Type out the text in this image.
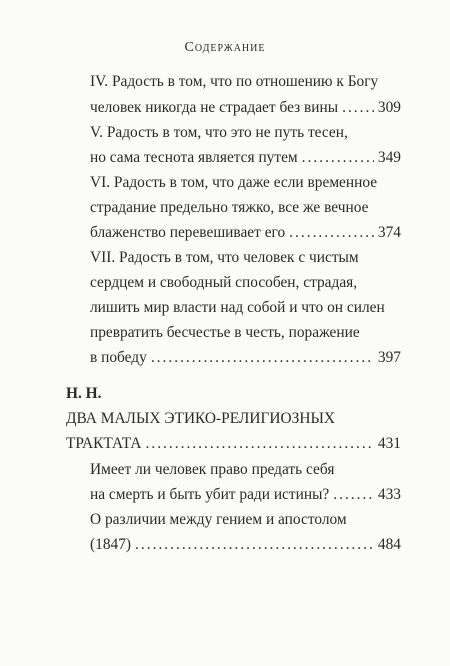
Содержание
IV. Радость в том, что по отношению к Богу
человек никогда не страдает без вины .....	309
V. Радость в том, что это не путь тесен,
но сама теснота является путем .....	349
VI. Радость в том, что даже если временное
страдание предельно тяжко, все же вечное
блаженство перевешивает его .....	374
VII. Радость в том, что человек с чистым
сердцем и свободный способен, страдая,
лишить мир власти над собой и что он силен
превратить бесчестье в честь, поражение
в победу .....	397
Н. Н.
ДВА МАЛЫХ ЭТИКО-РЕЛИГИОЗНЫХ
ТРАКТАТА .....	431
Имеет ли человек право предать себя
на смерть и быть убит ради истины? .....	433
О различии между гением и апостолом
(1847) .....	484
